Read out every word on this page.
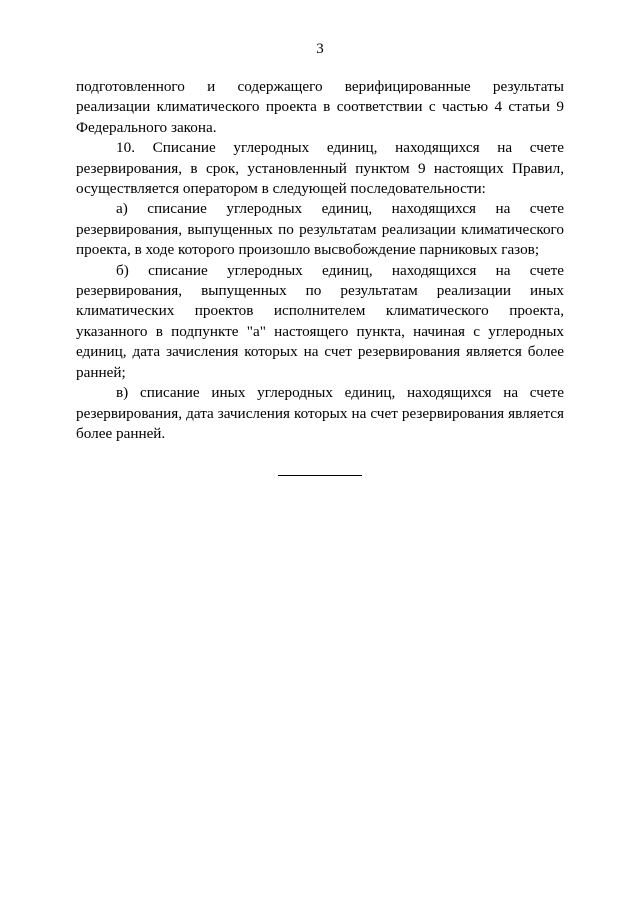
3

подготовленного и содержащего верифицированные результаты реализации климатического проекта в соответствии с частью 4 статьи 9 Федерального закона.

10. Списание углеродных единиц, находящихся на счете резервирования, в срок, установленный пунктом 9 настоящих Правил, осуществляется оператором в следующей последовательности:

а) списание углеродных единиц, находящихся на счете резервирования, выпущенных по результатам реализации климатического проекта, в ходе которого произошло высвобождение парниковых газов;

б) списание углеродных единиц, находящихся на счете резервирования, выпущенных по результатам реализации иных климатических проектов исполнителем климатического проекта, указанного в подпункте "а" настоящего пункта, начиная с углеродных единиц, дата зачисления которых на счет резервирования является более ранней;

в) списание иных углеродных единиц, находящихся на счете резервирования, дата зачисления которых на счет резервирования является более ранней.
